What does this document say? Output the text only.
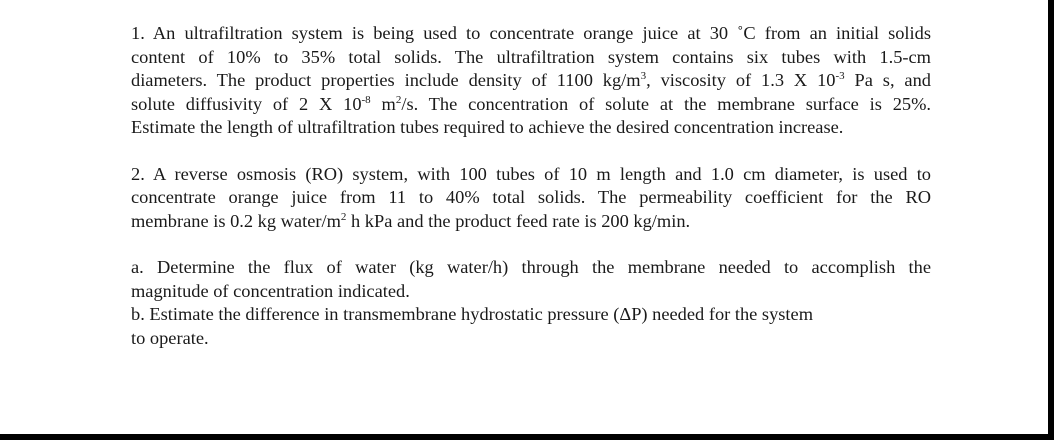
1. An ultrafiltration system is being used to concentrate orange juice at 30 ˚C from an initial solids
content of 10% to 35% total solids. The ultrafiltration system contains six tubes with 1.5-cm
diameters. The product properties include density of 1100 $kg/m^3$, viscosity of 1.3 X $10^{-3}$ Pa s, and
solute diffusivity of 2 X $10^{-8}$ $m^2/s$. The concentration of solute at the membrane surface is 25%.
Estimate the length of ultrafiltration tubes required to achieve the desired concentration increase.
2. A reverse osmosis (RO) system, with 100 tubes of 10 m length and 1.0 cm diameter, is used to
concentrate orange juice from 11 to 40% total solids. The permeability coefficient for the RO
membrane is 0.2 kg water/$m^2$ h kPa and the product feed rate is 200 kg/min.
a. Determine the flux of water (kg water/h) through the membrane needed to accomplish the
magnitude of concentration indicated.
b. Estimate the difference in transmembrane hydrostatic pressure (ΔP) needed for the system
to operate.
